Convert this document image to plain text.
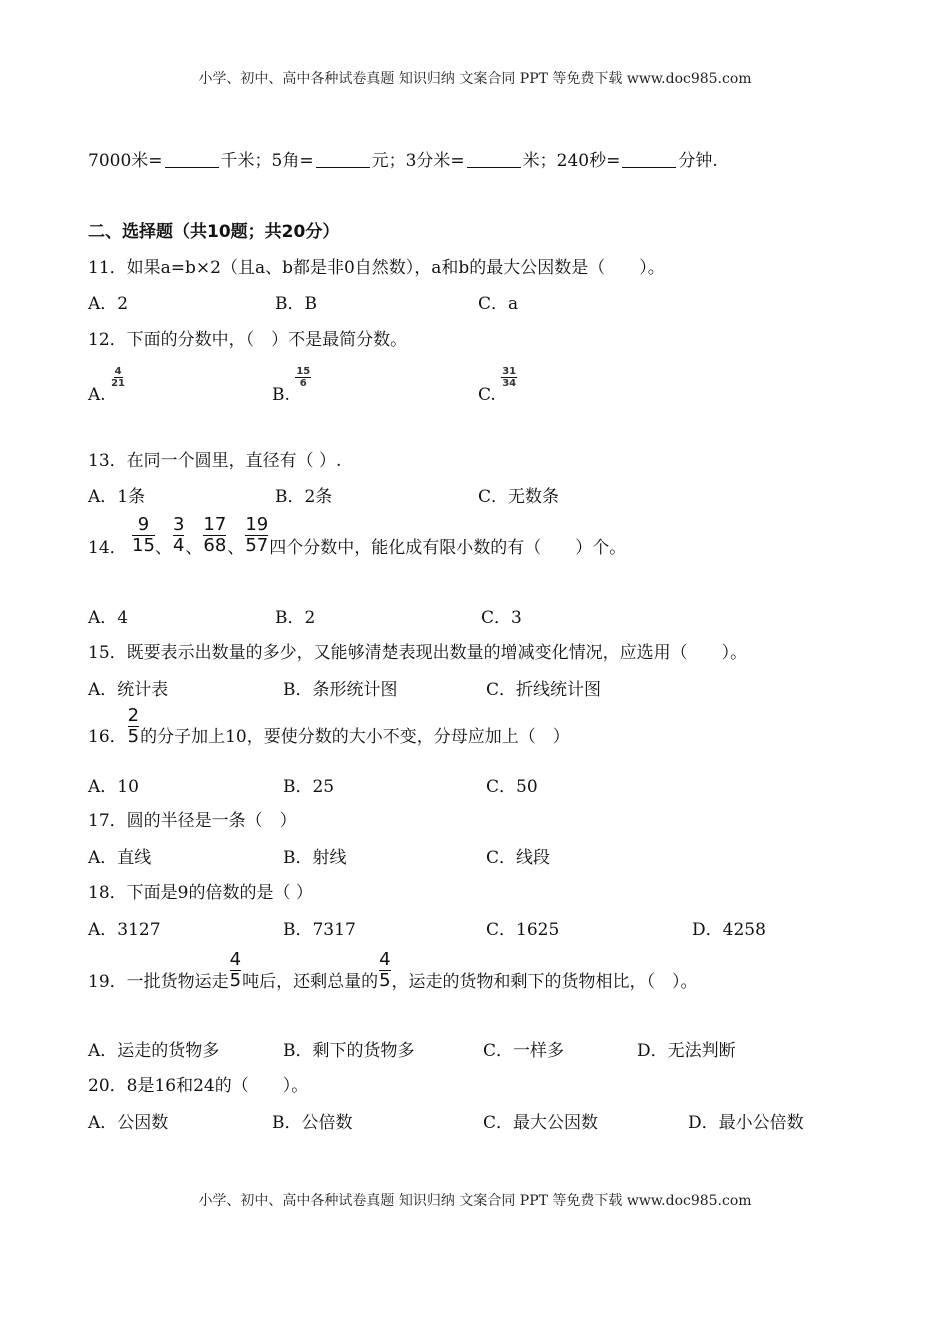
小学、初中、高中各种试卷真题 知识归纳 文案合同 PPT 等免费下载 www.doc985.com
7000米=	千米；5角=	元；3分米=	米；240秒=	分钟.
二、选择题（共10题；共20分）
11．如果a=b×2（且a、b都是非0自然数），a和b的最大公因数是（　　）。
A．2	B．B	C．a
12．下面的分数中，（　）不是最简分数。
A.
$\frac{4}{21}$
B.
$\frac{15}{6}$
C.
$\frac{31}{34}$
13．在同一个圆里，直径有（ ）.
A．1条	B．2条	C．无数条
14． $\frac{9}{15}$ 、 $\frac{3}{4}$ 、 $\frac{17}{68}$ 、 $\frac{19}{57}$ 四个分数中，能化成有限小数的有（　　）个。
A．4	B．2	C．3
15．既要表示出数量的多少，又能够清楚表现出数量的增减变化情况，应选用（　　）。
A．统计表	B．条形统计图	C．折线统计图
16． $\frac{2}{5}$ 的分子加上10，要使分数的大小不变，分母应加上（　）
A．10	B．25	C．50
17．圆的半径是一条（　）
A．直线	B．射线	C．线段
18．下面是9的倍数的是（ ）
A．3127	B．7317	C．1625	D．4258
19．一批货物运走 $\frac{4}{5}$ 吨后，还剩总量的 $\frac{4}{5}$ ，运走的货物和剩下的货物相比，（　）。
A．运走的货物多	B．剩下的货物多	C．一样多	D．无法判断
20．8是16和24的（　　）。
A．公因数	B．公倍数	C．最大公因数	D．最小公倍数
小学、初中、高中各种试卷真题 知识归纳 文案合同 PPT 等免费下载 www.doc985.com
